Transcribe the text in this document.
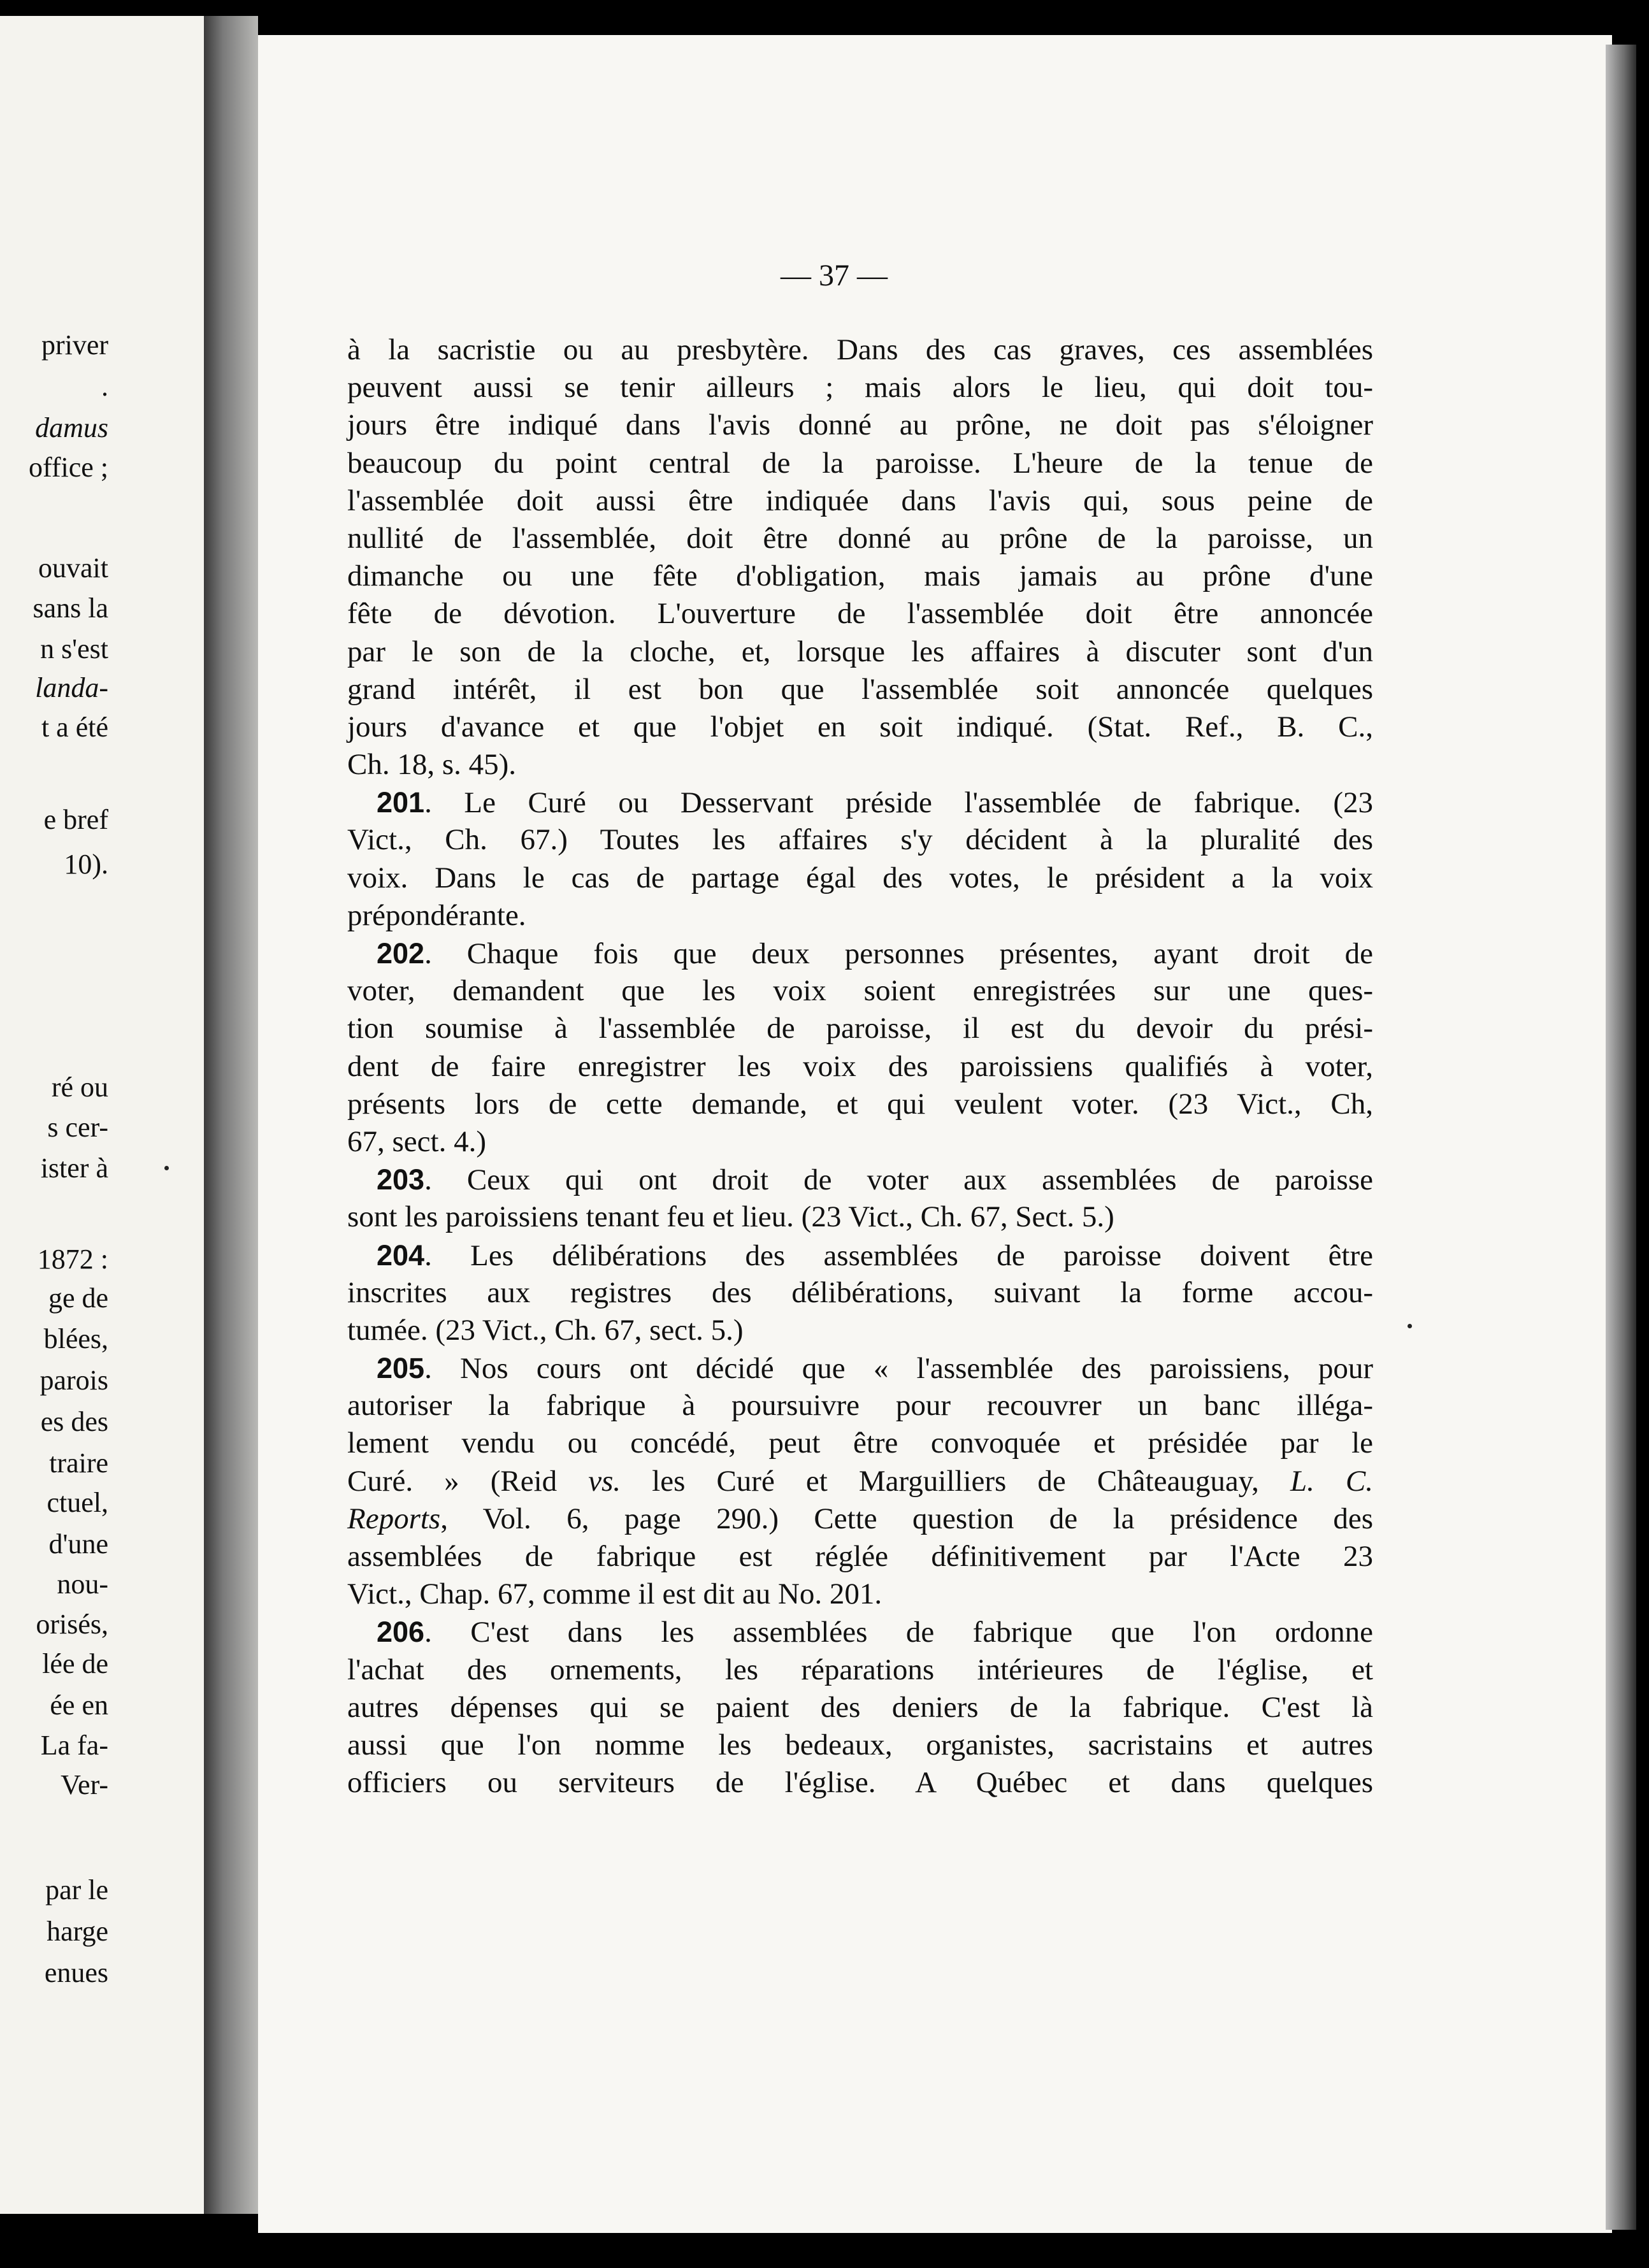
priver
.
damus
office ;
ouvait
sans la
n s'est
landa-
t a été
e bref
10).
ré ou
s cer-
ister à
1872 :
ge de
blées,
parois
es des
traire
ctuel,
d'une
nou-
orisés,
lée de
ée en
La fa-
Ver-
par le
harge
enues
— 37 —
à la sacristie ou au presbytère. Dans des cas graves, ces assemblées
peuvent aussi se tenir ailleurs ; mais alors le lieu, qui doit tou-
jours être indiqué dans l'avis donné au prône, ne doit pas s'éloigner
beaucoup du point central de la paroisse. L'heure de la tenue de
l'assemblée doit aussi être indiquée dans l'avis qui, sous peine de
nullité de l'assemblée, doit être donné au prône de la paroisse, un
dimanche ou une fête d'obligation, mais jamais au prône d'une
fête de dévotion. L'ouverture de l'assemblée doit être annoncée
par le son de la cloche, et, lorsque les affaires à discuter sont d'un
grand intérêt, il est bon que l'assemblée soit annoncée quelques
jours d'avance et que l'objet en soit indiqué. (Stat. Ref., B. C.,
Ch. 18, s. 45).
201. Le Curé ou Desservant préside l'assemblée de fabrique. (23
Vict., Ch. 67.) Toutes les affaires s'y décident à la pluralité des
voix. Dans le cas de partage égal des votes, le président a la voix
prépondérante.
202. Chaque fois que deux personnes présentes, ayant droit de
voter, demandent que les voix soient enregistrées sur une ques-
tion soumise à l'assemblée de paroisse, il est du devoir du prési-
dent de faire enregistrer les voix des paroissiens qualifiés à voter,
présents lors de cette demande, et qui veulent voter. (23 Vict., Ch,
67, sect. 4.)
203. Ceux qui ont droit de voter aux assemblées de paroisse
sont les paroissiens tenant feu et lieu. (23 Vict., Ch. 67, Sect. 5.)
204. Les délibérations des assemblées de paroisse doivent être
inscrites aux registres des délibérations, suivant la forme accou-
tumée. (23 Vict., Ch. 67, sect. 5.)
205. Nos cours ont décidé que « l'assemblée des paroissiens, pour
autoriser la fabrique à poursuivre pour recouvrer un banc illéga-
lement vendu ou concédé, peut être convoquée et présidée par le
Curé. » (Reid vs. les Curé et Marguilliers de Châteauguay, L. C.
Reports, Vol. 6, page 290.) Cette question de la présidence des
assemblées de fabrique est réglée définitivement par l'Acte 23
Vict., Chap. 67, comme il est dit au No. 201.
206. C'est dans les assemblées de fabrique que l'on ordonne
l'achat des ornements, les réparations intérieures de l'église, et
autres dépenses qui se paient des deniers de la fabrique. C'est là
aussi que l'on nomme les bedeaux, organistes, sacristains et autres
officiers ou serviteurs de l'église. A Québec et dans quelques
